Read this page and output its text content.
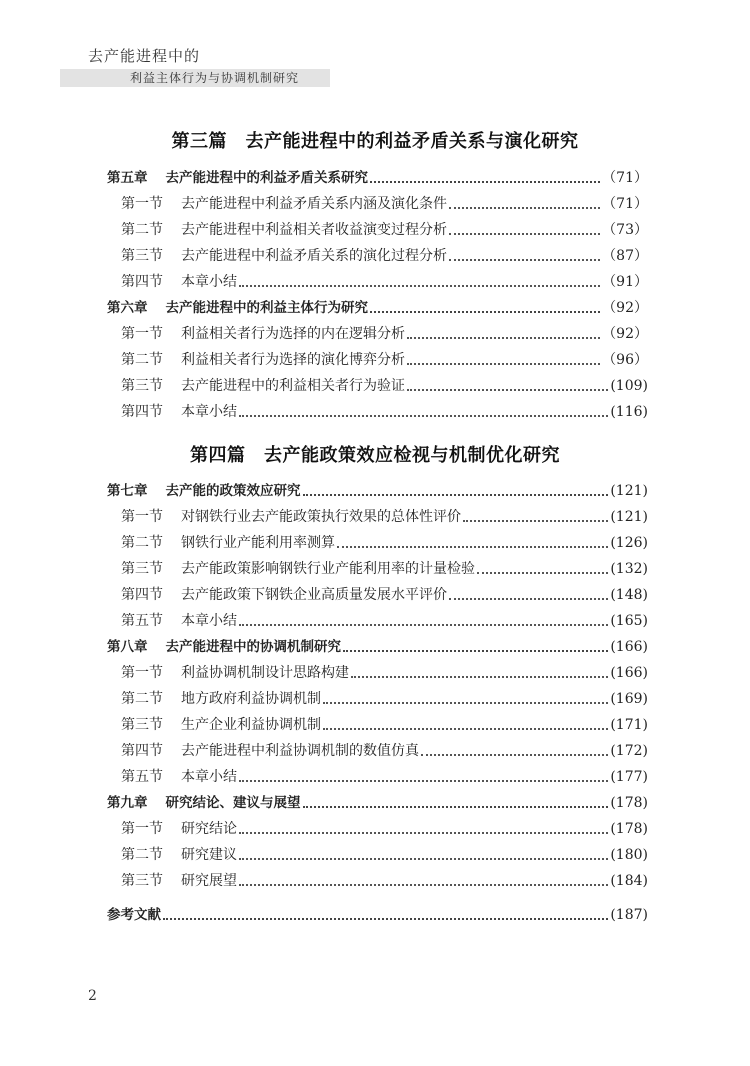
去产能进程中的
利益主体行为与协调机制研究
第三篇　去产能进程中的利益矛盾关系与演化研究
第五章 去产能进程中的利益矛盾关系研究	（71）
第一节 去产能进程中利益矛盾关系内涵及演化条件	（71）
第二节 去产能进程中利益相关者收益演变过程分析	（73）
第三节 去产能进程中利益矛盾关系的演化过程分析	（87）
第四节 本章小结	（91）
第六章 去产能进程中的利益主体行为研究	（92）
第一节 利益相关者行为选择的内在逻辑分析	（92）
第二节 利益相关者行为选择的演化博弈分析	（96）
第三节 去产能进程中的利益相关者行为验证	(109)
第四节 本章小结	(116)
第四篇　去产能政策效应检视与机制优化研究
第七章 去产能的政策效应研究	(121)
第一节 对钢铁行业去产能政策执行效果的总体性评价	(121)
第二节 钢铁行业产能利用率测算	(126)
第三节 去产能政策影响钢铁行业产能利用率的计量检验	(132)
第四节 去产能政策下钢铁企业高质量发展水平评价	(148)
第五节 本章小结	(165)
第八章 去产能进程中的协调机制研究	(166)
第一节 利益协调机制设计思路构建	(166)
第二节 地方政府利益协调机制	(169)
第三节 生产企业利益协调机制	(171)
第四节 去产能进程中利益协调机制的数值仿真	(172)
第五节 本章小结	(177)
第九章 研究结论、建议与展望	(178)
第一节 研究结论	(178)
第二节 研究建议	(180)
第三节 研究展望	(184)
参考文献	(187)
2
